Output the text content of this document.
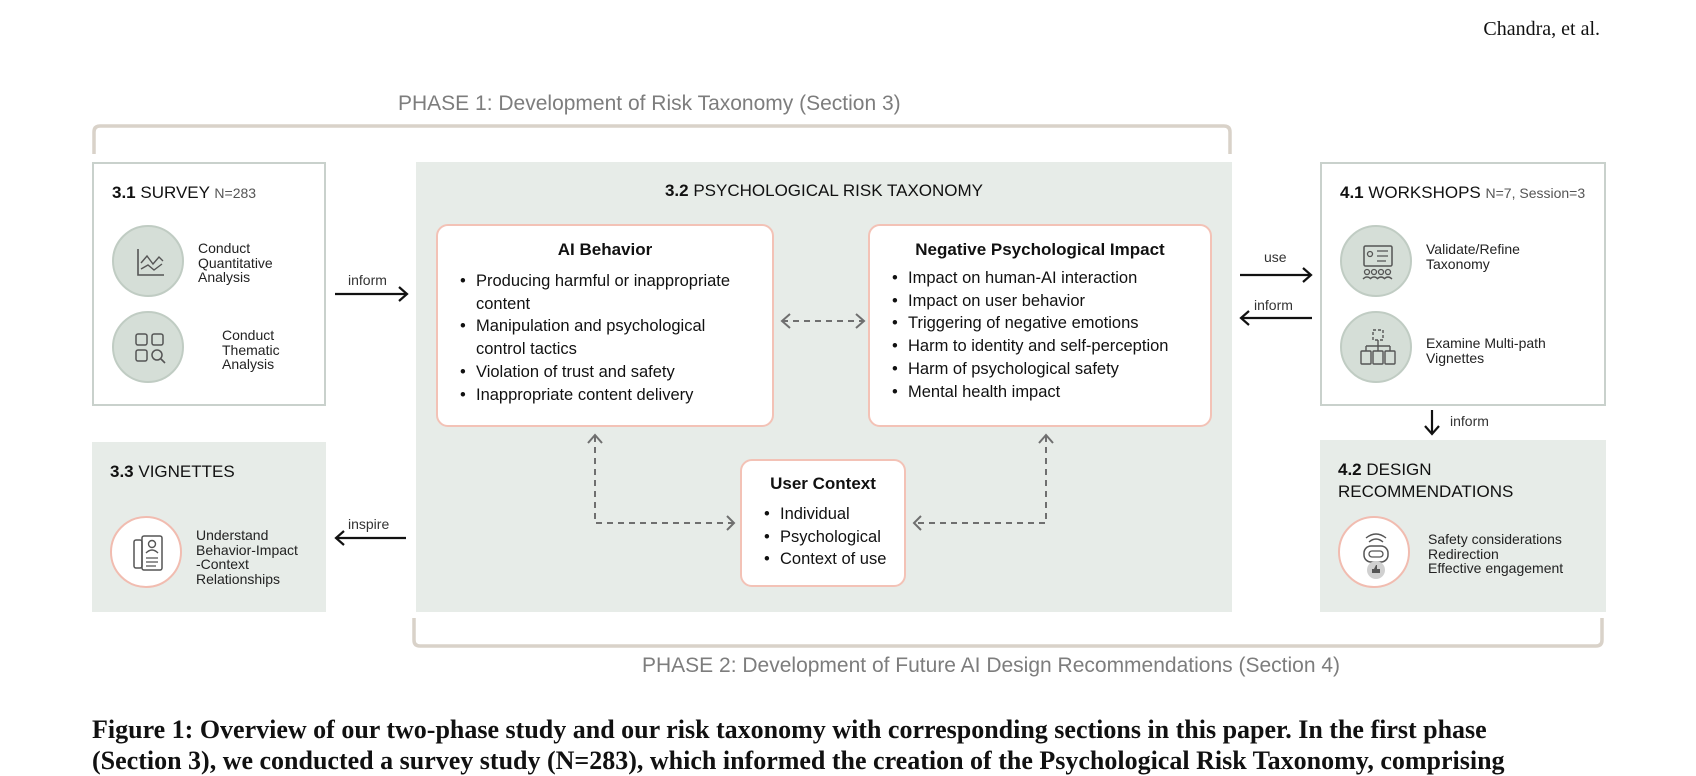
Chandra, et al.
PHASE 1: Development of Risk Taxonomy (Section 3)
PHASE 2: Development of Future AI Design Recommendations (Section 4)
3.1 SURVEY N=283
Conduct
Quantitative
Analysis
Conduct
Thematic
Analysis
3.3 VIGNETTES
Understand
Behavior-Impact
-Context
Relationships
3.2 PSYCHOLOGICAL RISK TAXONOMY
AI Behavior
• Producing harmful or inappropriate
content
• Manipulation and psychological
control tactics
• Violation of trust and safety
• Inappropriate content delivery
Negative Psychological Impact
• Impact on human-AI interaction
• Impact on user behavior
• Triggering of negative emotions
• Harm to identity and self-perception
• Harm of psychological safety
• Mental health impact
User Context
• Individual
• Psychological
• Context of use
4.1 WORKSHOPS N=7, Session=3
Validate/Refine
Taxonomy
Examine Multi-path
Vignettes
4.2 DESIGN
RECOMMENDATIONS
Safety considerations
Redirection
Effective engagement
inform
use
inform
inform
inspire
Figure 1: Overview of our two-phase study and our risk taxonomy with corresponding sections in this paper. In the first phase
(Section 3), we conducted a survey study (N=283), which informed the creation of the Psychological Risk Taxonomy, comprising
